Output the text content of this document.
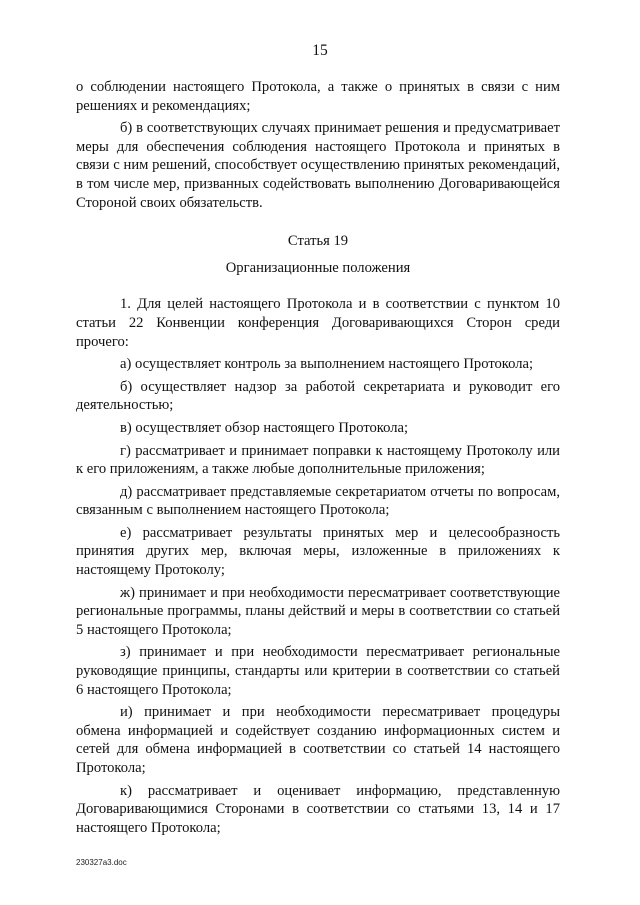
15

о соблюдении настоящего Протокола, а также о принятых в связи с ним решениях и рекомендациях;

б) в соответствующих случаях принимает решения и предусматривает меры для обеспечения соблюдения настоящего Протокола и принятых в связи с ним решений, способствует осуществлению принятых рекомендаций, в том числе мер, призванных содействовать выполнению Договаривающейся Стороной своих обязательств.

Статья 19

Организационные положения

1. Для целей настоящего Протокола и в соответствии с пунктом 10 статьи 22 Конвенции конференция Договаривающихся Сторон среди прочего:

а) осуществляет контроль за выполнением настоящего Протокола;

б) осуществляет надзор за работой секретариата и руководит его деятельностью;

в) осуществляет обзор настоящего Протокола;

г) рассматривает и принимает поправки к настоящему Протоколу или к его приложениям, а также любые дополнительные приложения;

д) рассматривает представляемые секретариатом отчеты по вопросам, связанным с выполнением настоящего Протокола;

е) рассматривает результаты принятых мер и целесообразность принятия других мер, включая меры, изложенные в приложениях к настоящему Протоколу;

ж) принимает и при необходимости пересматривает соответствующие региональные программы, планы действий и меры в соответствии со статьей 5 настоящего Протокола;

з) принимает и при необходимости пересматривает региональные руководящие принципы, стандарты или критерии в соответствии со статьей 6 настоящего Протокола;

и) принимает и при необходимости пересматривает процедуры обмена информацией и содействует созданию информационных систем и сетей для обмена информацией в соответствии со статьей 14 настоящего Протокола;

к) рассматривает и оценивает информацию, представленную Договаривающимися Сторонами в соответствии со статьями 13, 14 и 17 настоящего Протокола;

230327a3.doc
